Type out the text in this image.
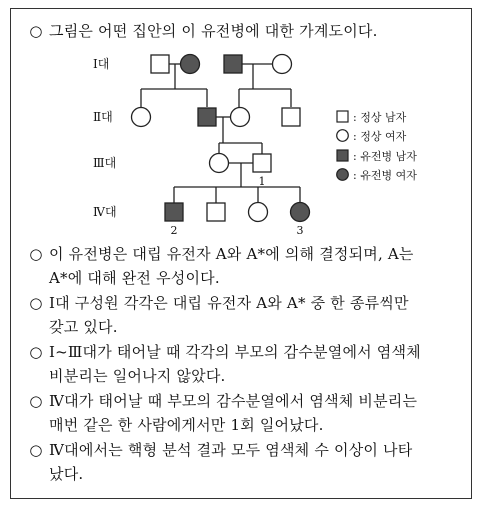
○ 그림은 어떤 집안의 이 유전병에 대한 가계도이다.
Ⅰ대
Ⅱ대
Ⅲ대
Ⅳ대
1
2	3
: 정상 남자
: 정상 여자
: 유전병 남자
: 유전병 여자
○ 이 유전병은 대립 유전자 A와 A*에 의해 결정되며, A는
A*에 대해 완전 우성이다.
○ Ⅰ대 구성원 각각은 대립 유전자 A와 A* 중 한 종류씩만
갖고 있다.
○ Ⅰ~Ⅲ대가 태어날 때 각각의 부모의 감수분열에서 염색체
비분리는 일어나지 않았다.
○ Ⅳ대가 태어날 때 부모의 감수분열에서 염색체 비분리는
매번 같은 한 사람에게서만 1회 일어났다.
○ Ⅳ대에서는 핵형 분석 결과 모두 염색체 수 이상이 나타
났다.
